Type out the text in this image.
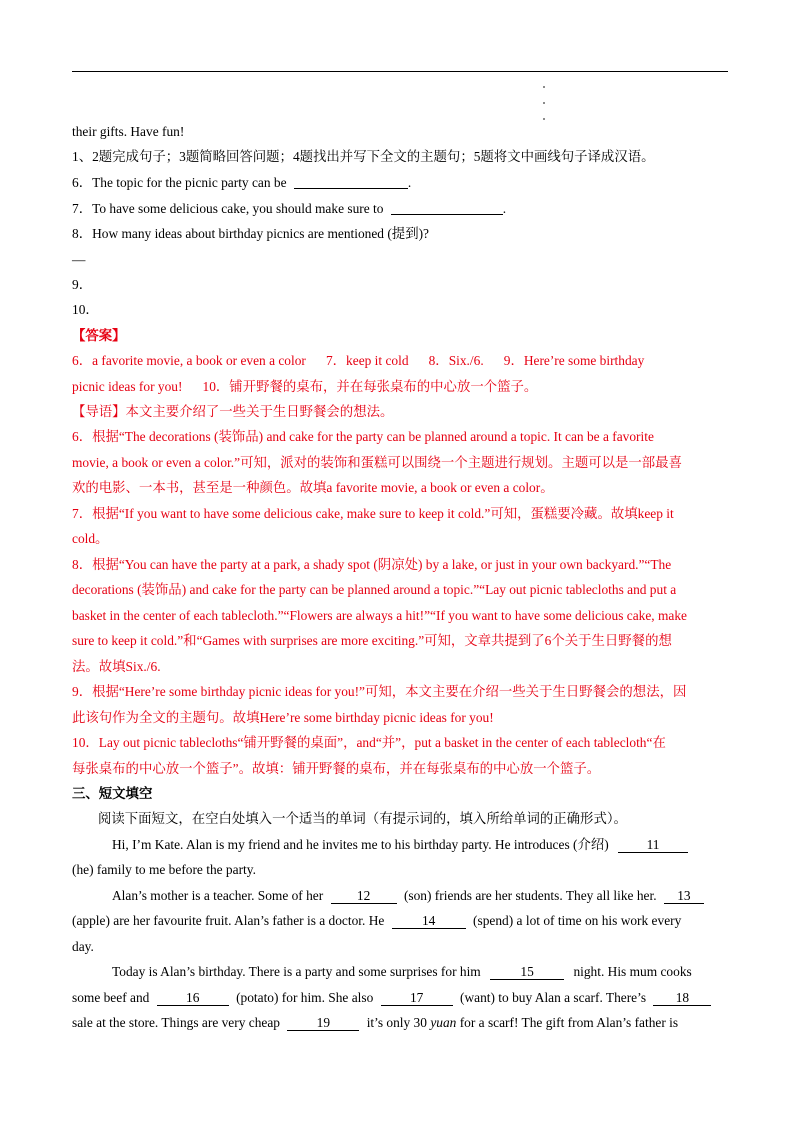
their gifts. Have fun!
1、2题完成句子；3题简略回答问题；4题找出并写下全文的主题句；5题将文中画线句子译成汉语。
6．The topic for the picnic party can be	.
7．To have some delicious cake, you should make sure to	.
8．How many ideas about birthday picnics are mentioned (提到)?
—
9．
10．
【答案】
6．a favorite movie, a book or even a color      7．keep it cold      8．Six./6.      9．Here’re some birthday
picnic ideas for you!      10．铺开野餐的桌布，并在每张桌布的中心放一个篮子。
【导语】本文主要介绍了一些关于生日野餐会的想法。
6．根据“The decorations (装饰品) and cake for the party can be planned around a topic. It can be a favorite
movie, a book or even a color.”可知，派对的装饰和蛋糕可以围绕一个主题进行规划。主题可以是一部最喜
欢的电影、一本书，甚至是一种颜色。故填a favorite movie, a book or even a color。
7．根据“If you want to have some delicious cake, make sure to keep it cold.”可知，蛋糕要冷藏。故填keep it
cold。
8．根据“You can have the party at a park, a shady spot (阴凉处) by a lake, or just in your own backyard.”“The
decorations (装饰品) and cake for the party can be planned around a topic.”“Lay out picnic tablecloths and put a
basket in the center of each tablecloth.”“Flowers are always a hit!”“If you want to have some delicious cake, make
sure to keep it cold.”和“Games with surprises are more exciting.”可知，文章共提到了6个关于生日野餐的想
法。故填Six./6.
9．根据“Here’re some birthday picnic ideas for you!”可知，本文主要在介绍一些关于生日野餐会的想法，因
此该句作为全文的主题句。故填Here’re some birthday picnic ideas for you!
10．Lay out picnic tablecloths“铺开野餐的桌面”，and“并”，put a basket in the center of each tablecloth“在
每张桌布的中心放一个篮子”。故填：铺开野餐的桌布，并在每张桌布的中心放一个篮子。
三、短文填空
阅读下面短文，在空白处填入一个适当的单词（有提示词的，填入所给单词的正确形式）。
Hi, I’m Kate. Alan is my friend and he invites me to his birthday party. He introduces (介绍)	11
(he) family to me before the party.
Alan’s mother is a teacher. Some of her	12	(son) friends are her students. They all like her. 13
(apple) are her favourite fruit. Alan’s father is a doctor. He	14	(spend) a lot of time on his work every
day.
Today is Alan’s birthday. There is a party and some surprises for him	15	night. His mum cooks
some beef and	16	(potato) for him. She also	17	(want) to buy Alan a scarf. There’s 18
sale at the store. Things are very cheap	19	it’s only 30 yuan for a scarf! The gift from Alan’s father is
